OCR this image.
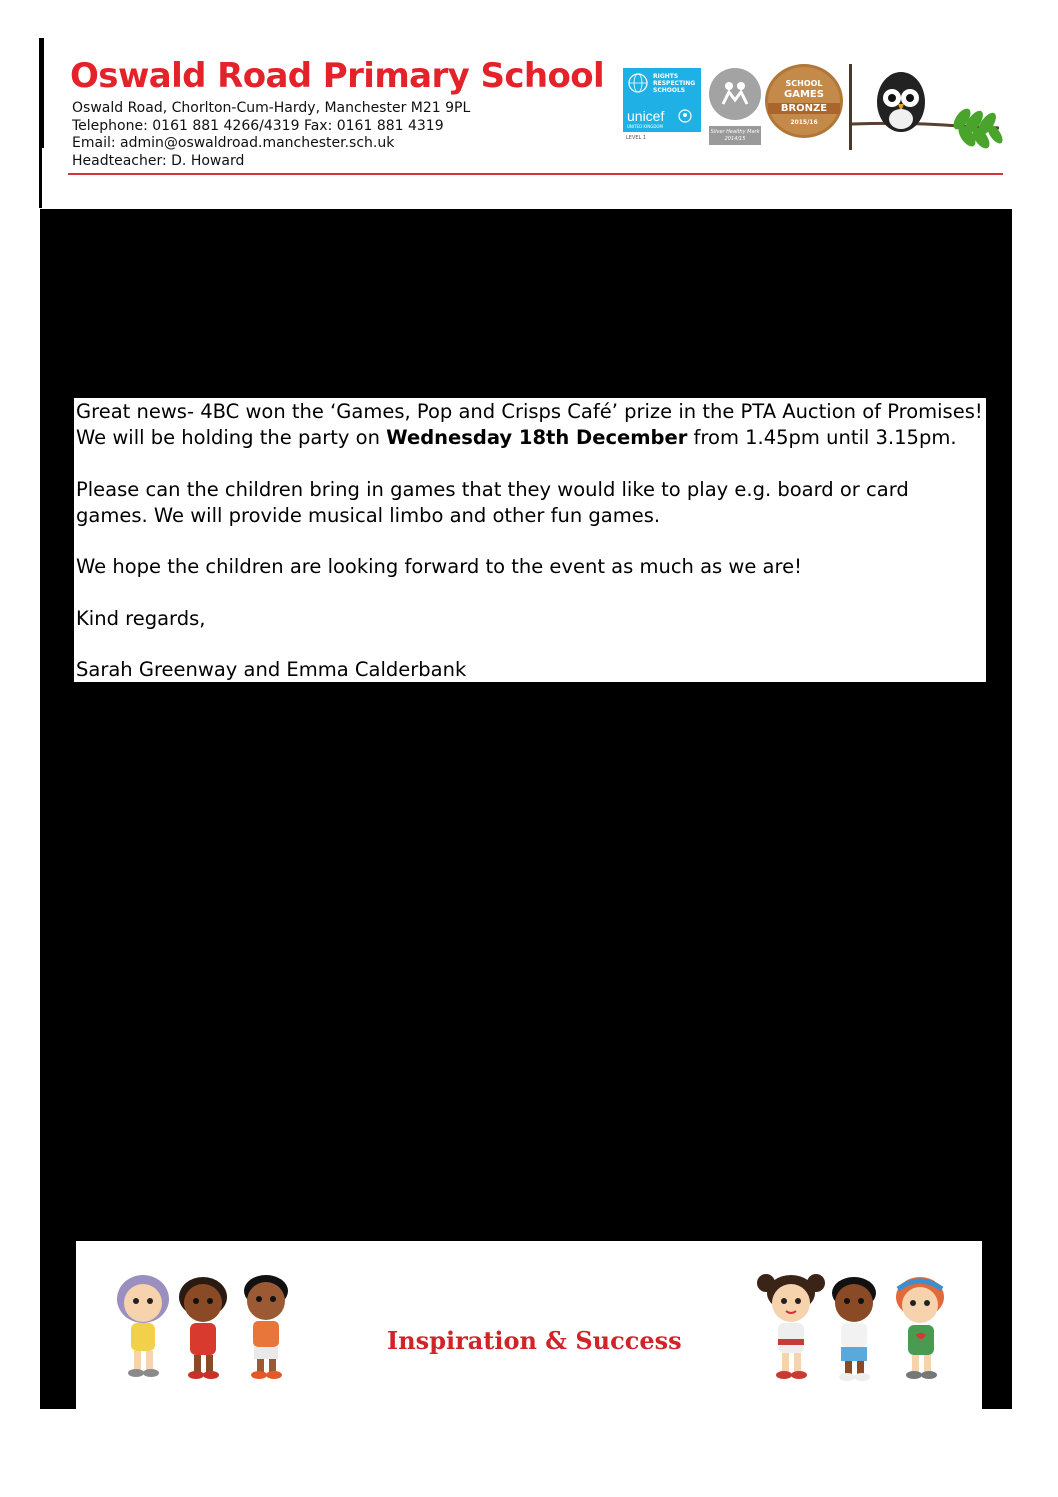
Oswald Road Primary School
Oswald Road, Chorlton-Cum-Hardy, Manchester M21 9PL
Telephone: 0161 881 4266/4319 Fax: 0161 881 4319
Email: admin@oswaldroad.manchester.sch.uk
Headteacher: D. Howard
RIGHTS
RESPECTING
SCHOOLS
unicef
UNITED KINGDOM
LEVEL 1
Silver Healthy Mark 2014/15
SCHOOL
GAMES
BRONZE
2015/16

Great news- 4BC won the ‘Games, Pop and Crisps Café’ prize in the PTA Auction of Promises!

We will be holding the party on Wednesday 18th December from 1.45pm until 3.15pm.

Please can the children bring in games that they would like to play e.g. board or card

games. We will provide musical limbo and other fun games.

We hope the children are looking forward to the event as much as we are!

Kind regards,

Sarah Greenway and Emma Calderbank

Inspiration & Success
